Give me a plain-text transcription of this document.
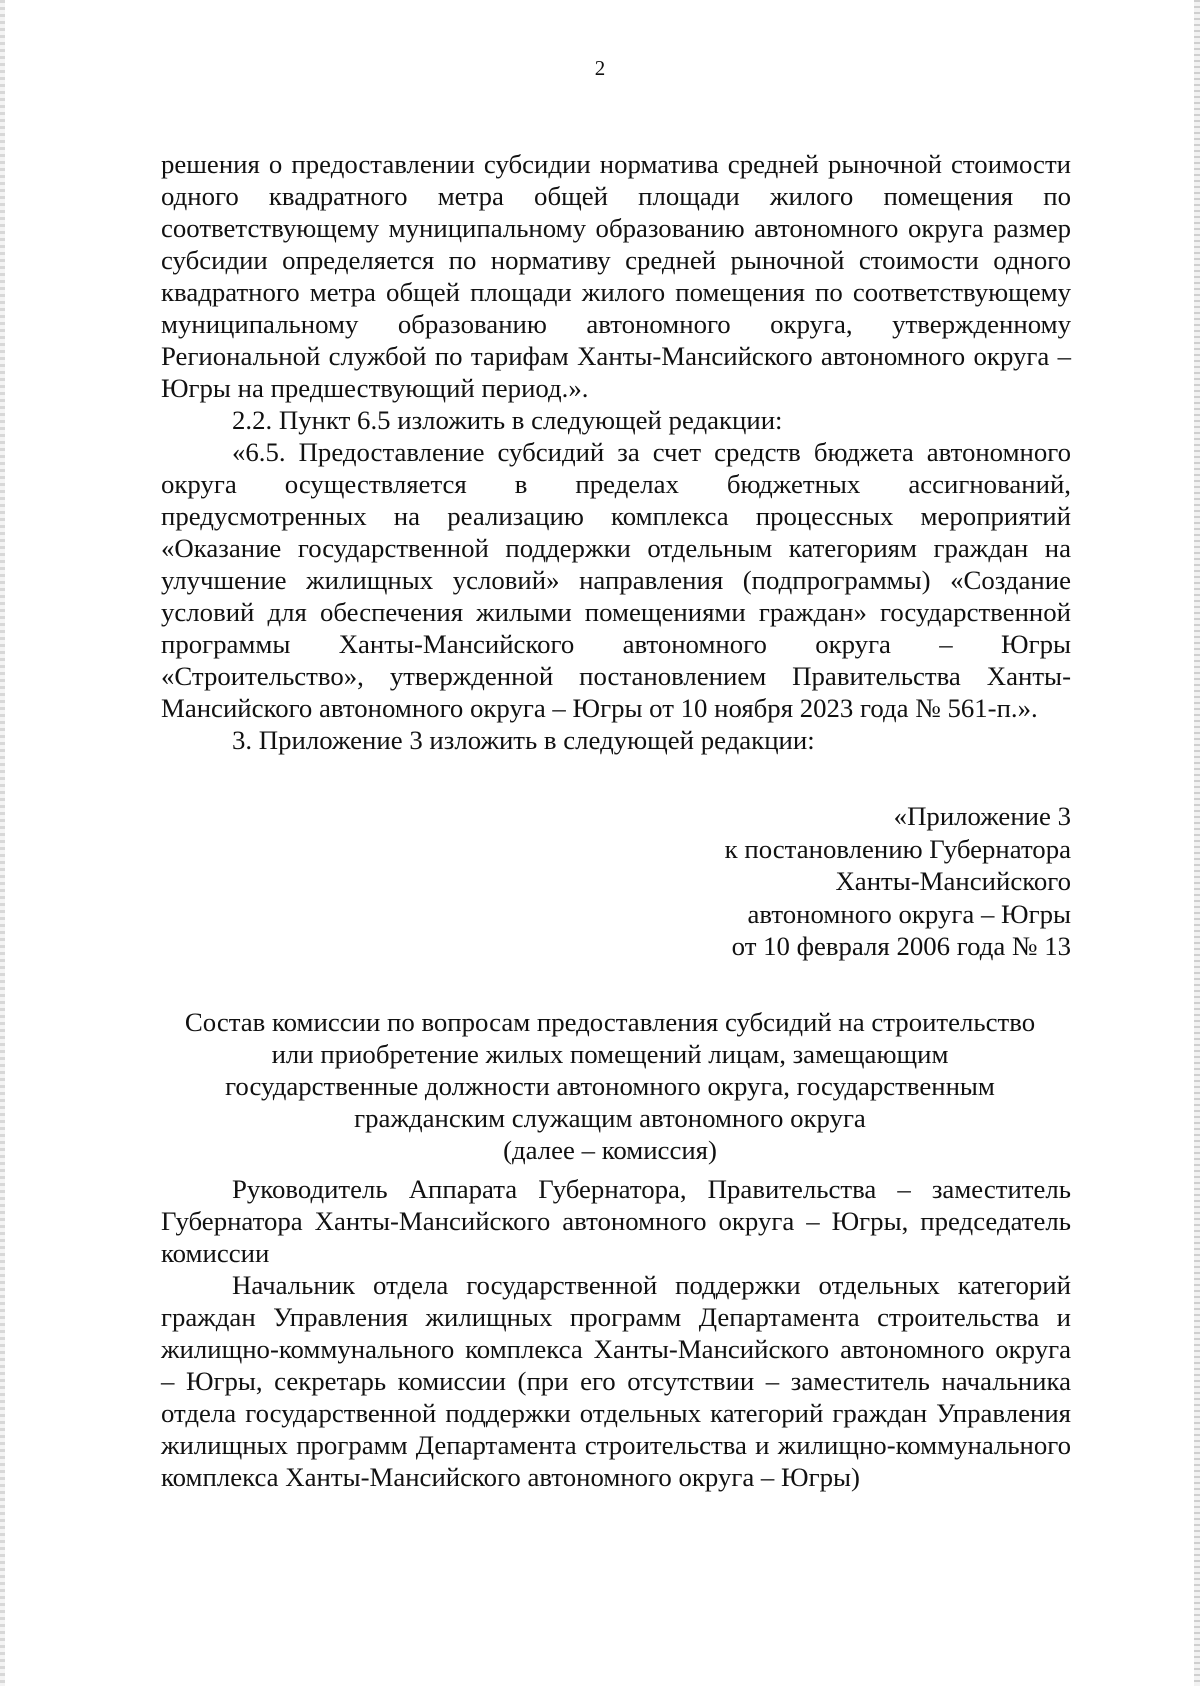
2

решения о предоставлении субсидии норматива средней рыночной стоимости одного квадратного метра общей площади жилого помещения по соответствующему муниципальному образованию автономного округа размер субсидии определяется по нормативу средней рыночной стоимости одного квадратного метра общей площади жилого помещения по соответствующему муниципальному образованию автономного округа, утвержденному Региональной службой по тарифам Ханты-Мансийского автономного округа – Югры на предшествующий период.».

2.2. Пункт 6.5 изложить в следующей редакции:

«6.5. Предоставление субсидий за счет средств бюджета автономного округа осуществляется в пределах бюджетных ассигнований, предусмотренных на реализацию комплекса процессных мероприятий «Оказание государственной поддержки отдельным категориям граждан на улучшение жилищных условий» направления (подпрограммы) «Создание условий для обеспечения жилыми помещениями граждан» государственной программы Ханты-Мансийского автономного округа – Югры «Строительство», утвержденной постановлением Правительства Ханты-Мансийского автономного округа – Югры от 10 ноября 2023 года № 561-п.».

3. Приложение 3 изложить в следующей редакции:

«Приложение 3
к постановлению Губернатора
Ханты-Мансийского
автономного округа – Югры
от 10 февраля 2006 года № 13
Состав комиссии по вопросам предоставления субсидий на строительство
или приобретение жилых помещений лицам, замещающим
государственные должности автономного округа, государственным
гражданским служащим автономного округа
(далее – комиссия)

Руководитель Аппарата Губернатора, Правительства – заместитель Губернатора Ханты-Мансийского автономного округа – Югры, председатель комиссии

Начальник отдела государственной поддержки отдельных категорий граждан Управления жилищных программ Департамента строительства и жилищно-коммунального комплекса Ханты-Мансийского автономного округа – Югры, секретарь комиссии (при его отсутствии – заместитель начальника отдела государственной поддержки отдельных категорий граждан Управления жилищных программ Департамента строительства и жилищно-коммунального комплекса Ханты-Мансийского автономного округа – Югры)
